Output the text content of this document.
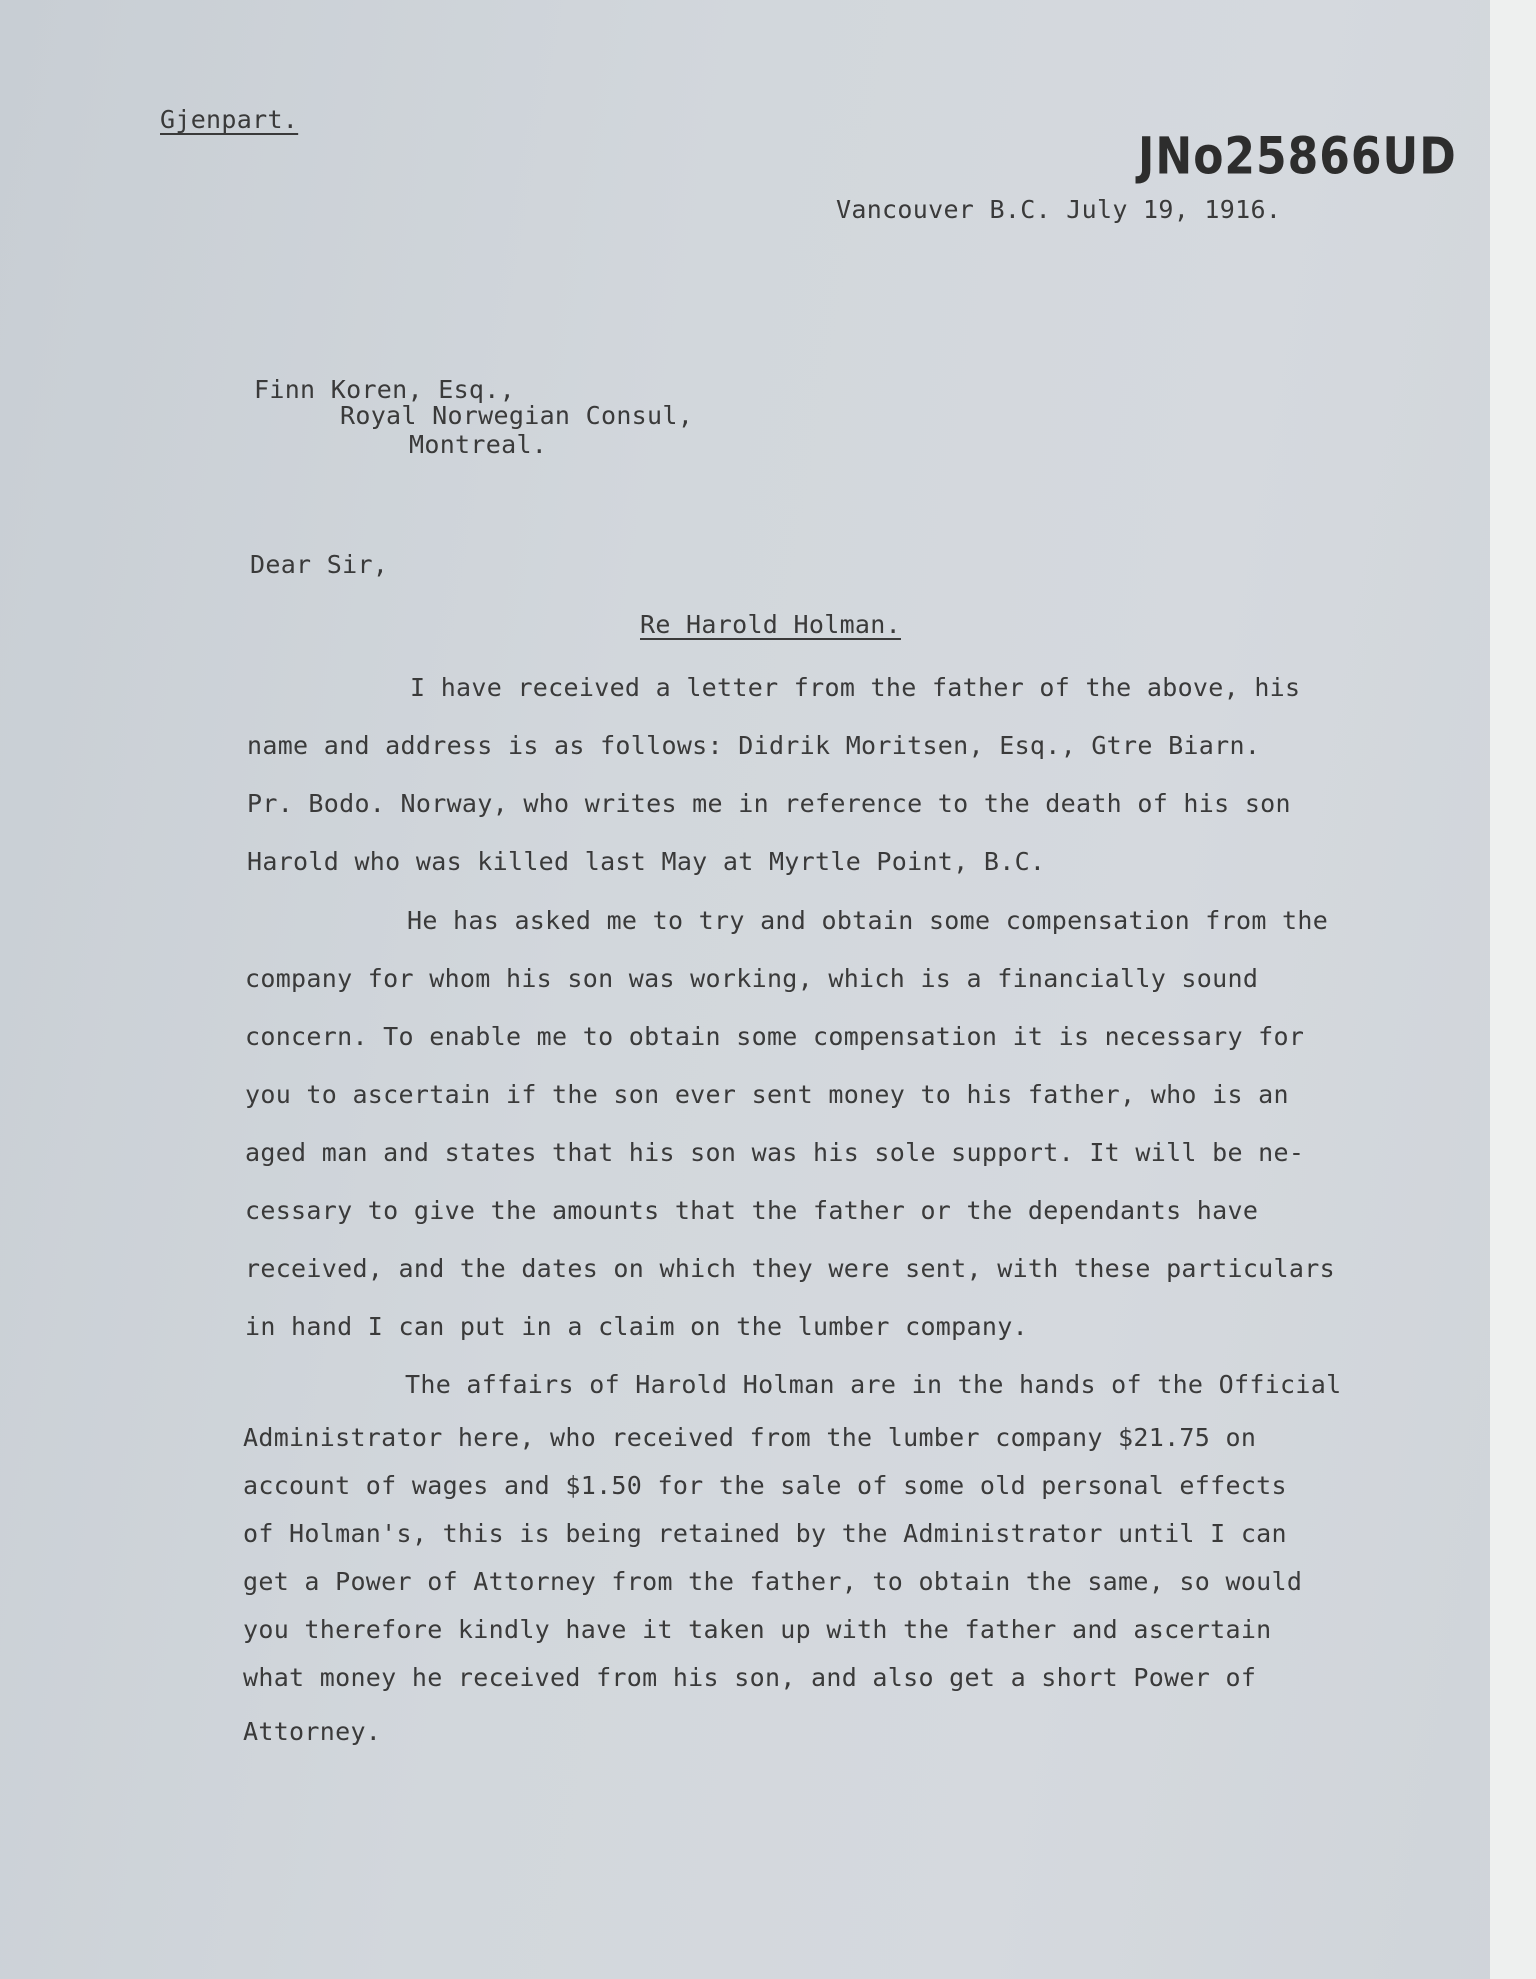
Gjenpart.
JNo25866UD
Vancouver B.C. July 19, 1916.
Finn Koren, Esq.,
Royal Norwegian Consul,
Montreal.
Dear Sir,
Re Harold Holman.
I have received a letter from the father of the above, his
name and address is as follows: Didrik Moritsen, Esq., Gtre Biarn.
Pr. Bodo. Norway, who writes me in reference to the death of his son
Harold who was killed last May at Myrtle Point, B.C.
He has asked me to try and obtain some compensation from the
company for whom his son was working, which is a financially sound
concern. To enable me to obtain some compensation it is necessary for
you to ascertain if the son ever sent money to his father, who is an
aged man and states that his son was his sole support. It will be ne-
cessary to give the amounts that the father or the dependants have
received, and the dates on which they were sent, with these particulars
in hand I can put in a claim on the lumber company.
The affairs of Harold Holman are in the hands of the Official
Administrator here, who received from the lumber company $21.75 on
account of wages and $1.50 for the sale of some old personal effects
of Holman's, this is being retained by the Administrator until I can
get a Power of Attorney from the father, to obtain the same, so would
you therefore kindly have it taken up with the father and ascertain
what money he received from his son, and also get a short Power of
Attorney.
